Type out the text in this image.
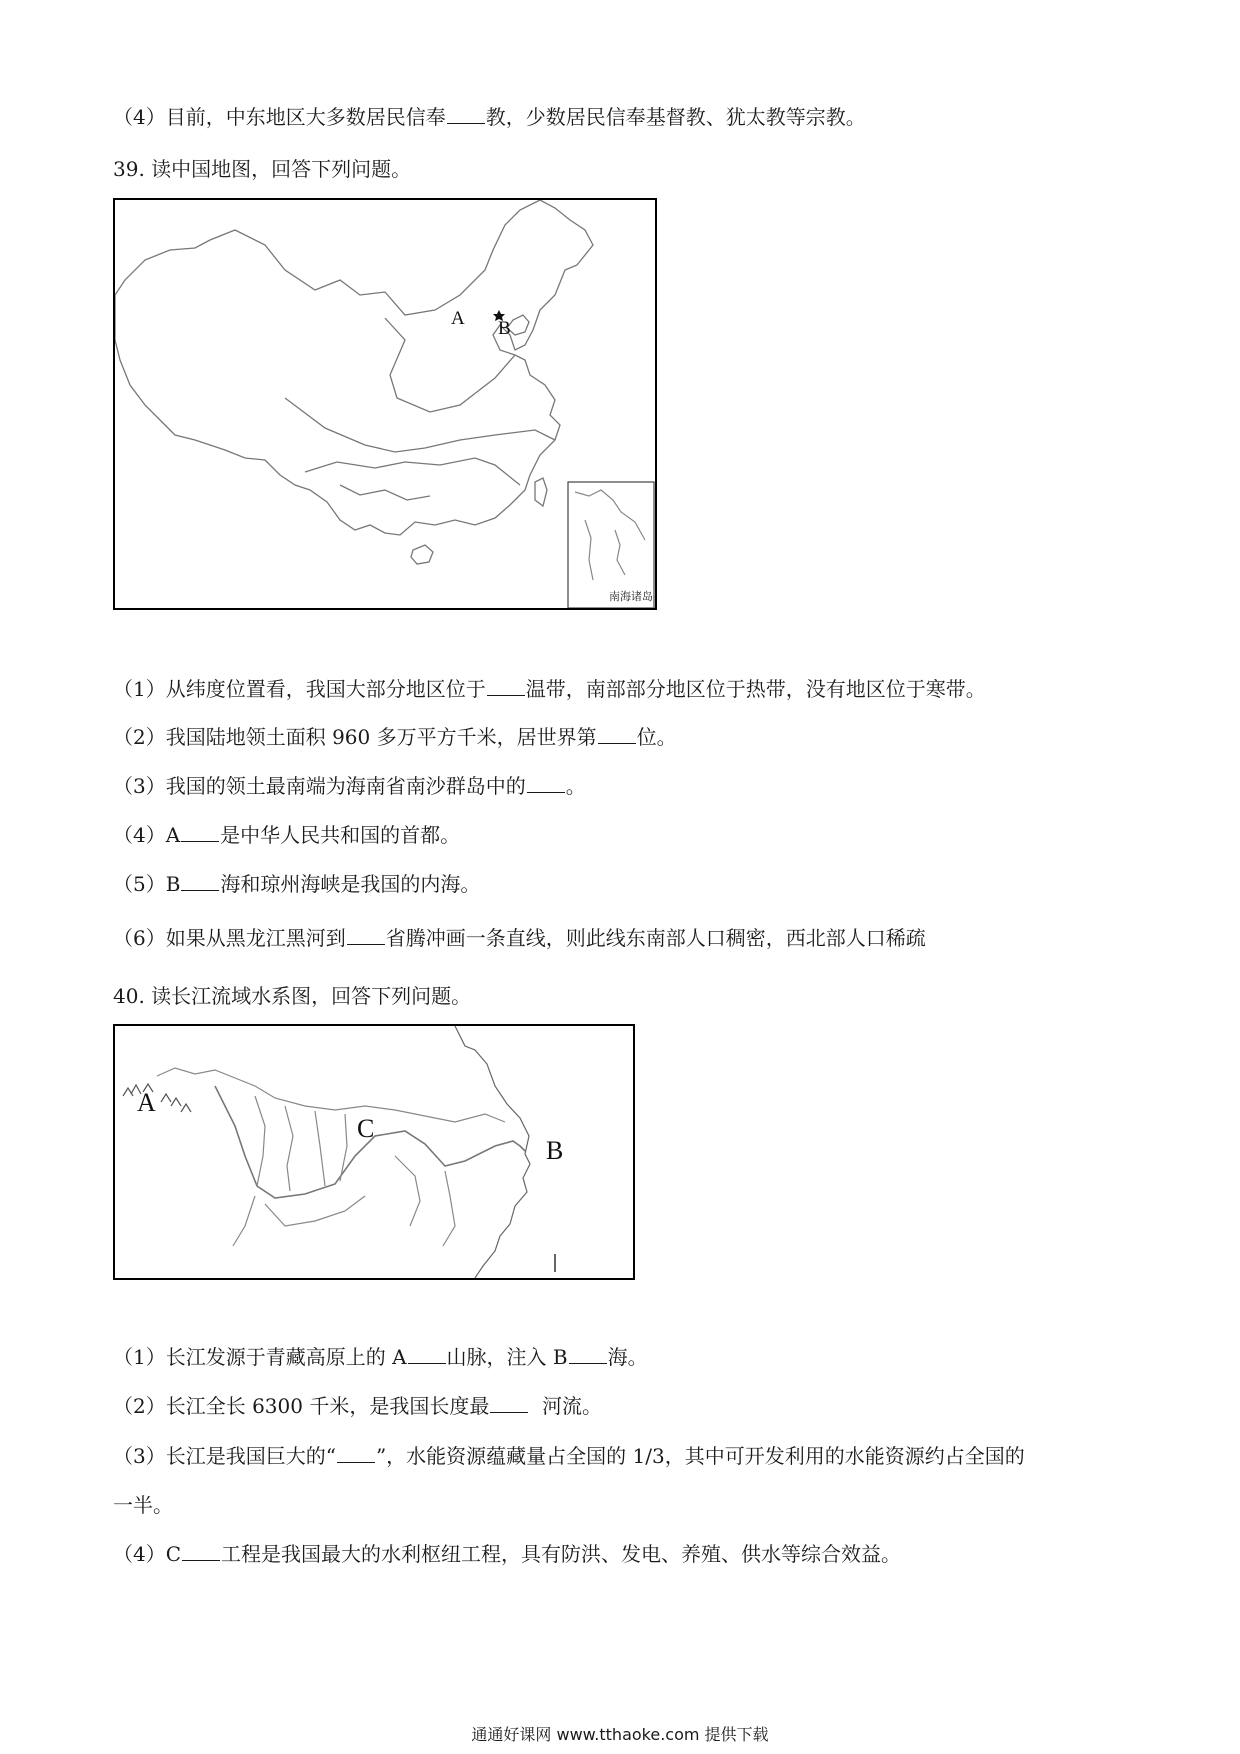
（4）目前，中东地区大多数居民信奉 教，少数居民信奉基督教、犹太教等宗教。
39. 读中国地图，回答下列问题。
南海诸岛
A B
（1）从纬度位置看，我国大部分地区位于 温带，南部部分地区位于热带，没有地区位于寒带。
（2）我国陆地领土面积 960 多万平方千米，居世界第 位。
（3）我国的领土最南端为海南省南沙群岛中的 。
（4）A 是中华人民共和国的首都。
（5）B 海和琼州海峡是我国的内海。
（6）如果从黑龙江黑河到 省腾冲画一条直线，则此线东南部人口稠密，西北部人口稀疏
40. 读长江流域水系图，回答下列问题。
A
B
C
（1）长江发源于青藏高原上的 A 山脉，注入 B 海。
（2）长江全长 6300 千米，是我国长度最	河流。
（3）长江是我国巨大的“ ”，水能资源蕴藏量占全国的 1/3，其中可开发利用的水能资源约占全国的
一半。
（4）C 工程是我国最大的水利枢纽工程，具有防洪、发电、养殖、供水等综合效益。
通通好课网 www.tthaoke.com 提供下载
